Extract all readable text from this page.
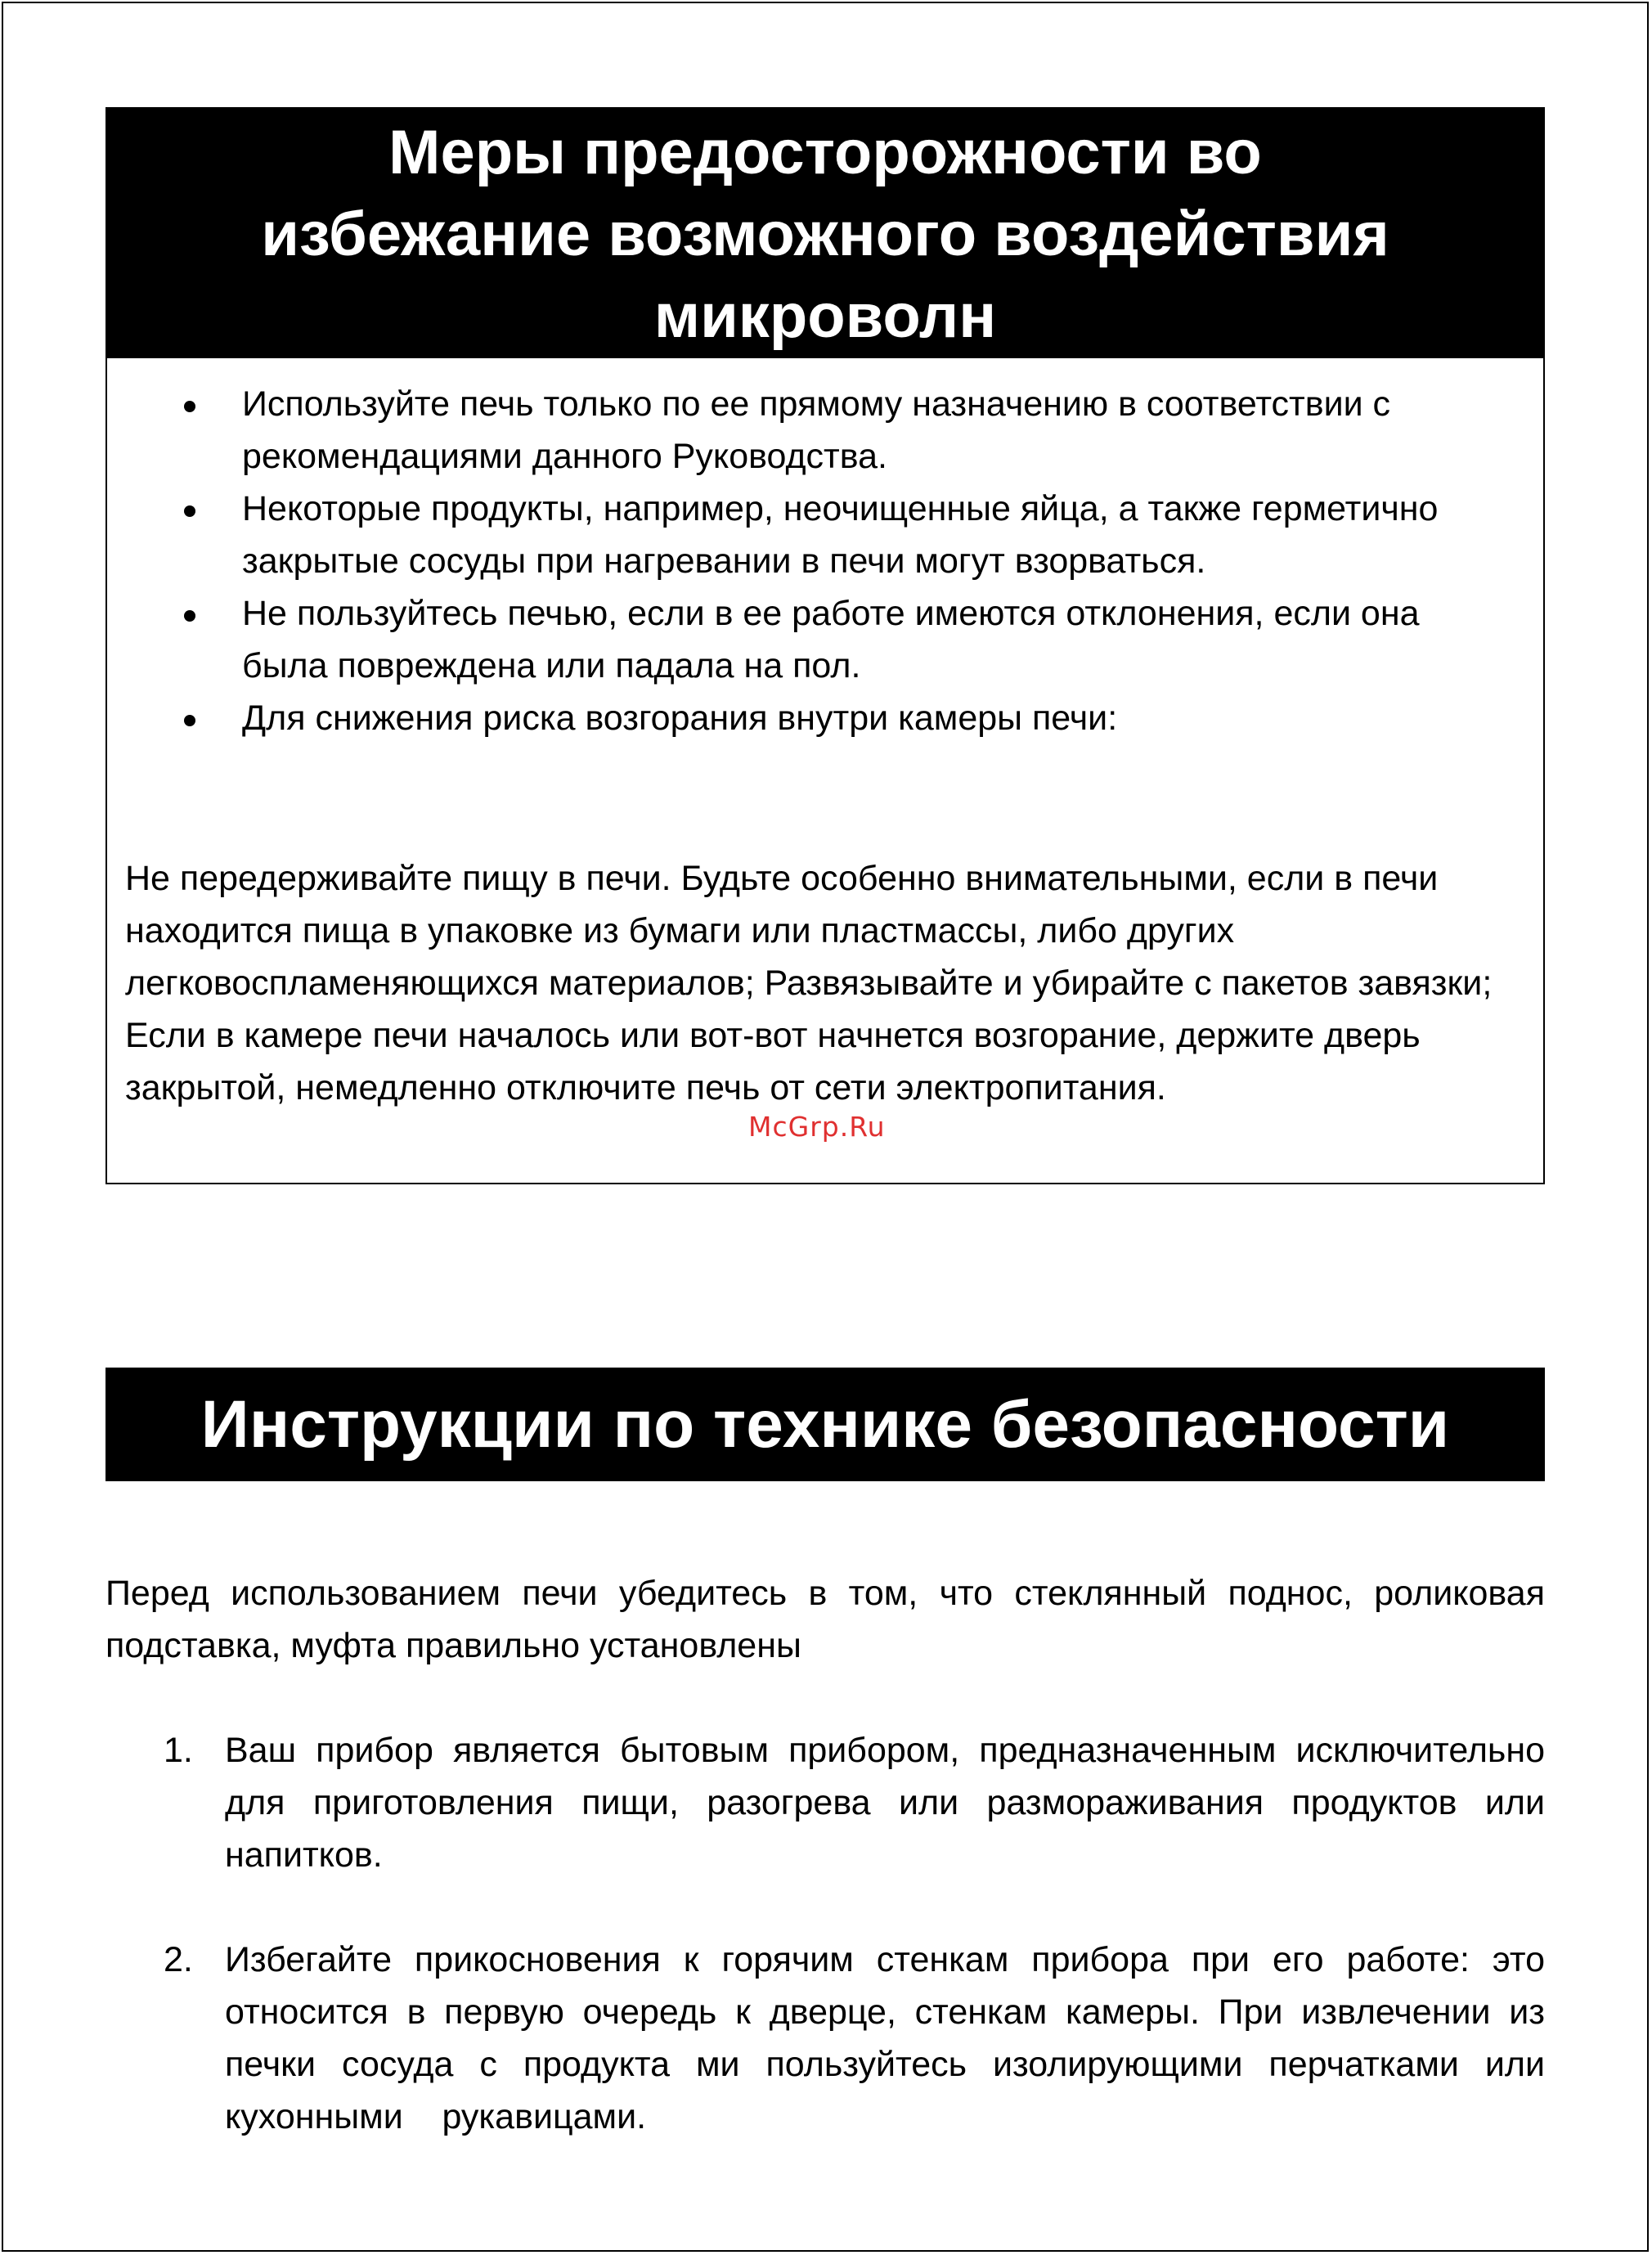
Меры предосторожности во
избежание возможного воздействия
микроволн
Используйте печь только по ее прямому назначению в соответствии с рекомендациями данного Руководства.
Некоторые продукты, например, неочищенные яйца, а также герметично закрытые сосуды при нагревании в печи могут взорваться.
Не пользуйтесь печью, если в ее работе имеются отклонения, если она     была повреждена или падала на пол.
Для снижения риска возгорания внутри камеры печи:

Не передерживайте пищу в печи. Будьте особенно внимательными, если в печи находится пища в упаковке из бумаги или пластмассы, либо других легковоспламеняющихся материалов; Развязывайте и убирайте с пакетов завязки; Если в камере печи началось или вот-вот начнется возгорание, держите дверь закрытой, немедленно отключите печь от сети электропитания.

McGrp.Ru
Инструкции по технике безопасности

Перед использованием печи убедитесь в том, что стеклянный поднос, роликовая подставка, муфта правильно установлены

1. Ваш прибор является бытовым прибором, предназначенным исключительно для приготовления пищи, разогрева или размораживания продуктов или напитков.
2. Избегайте прикосновения к горячим стенкам прибора при его работе: это относится в первую очередь к дверце, стенкам камеры. При извлечении из печки сосуда с продукта ми пользуйтесь изолирующими перчатками или кухонными    рукавицами.
